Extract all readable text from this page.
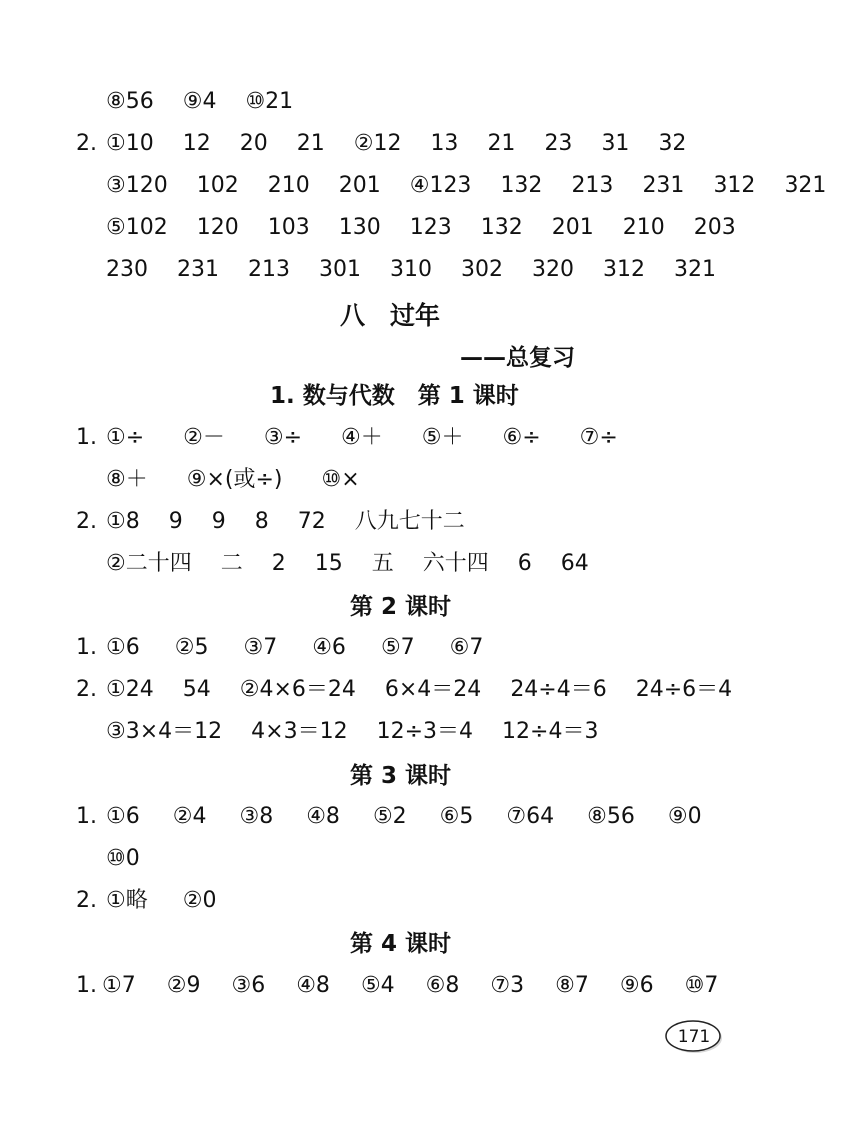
⑧56 ⑨4 ⑩21
2. ①10 12 20 21 ②12 13 21 23 31 32
③120 102 210 201 ④123 132 213 231 312 321
⑤102 120 103 130 123 132 201 210 203
230 231 213 301 310 302 320 312 321
八　过年
——总复习
1. 数与代数　第 1 课时
1. ①÷ ②－ ③÷ ④＋ ⑤＋ ⑥÷ ⑦÷
⑧＋ ⑨×(或÷) ⑩×
2. ①8 9 9 8 72 八九七十二
②二十四 二 2 15 五 六十四 6 64
第 2 课时
1. ①6 ②5 ③7 ④6 ⑤7 ⑥7
2. ①24 54 ②4×6＝24 6×4＝24 24÷4＝6 24÷6＝4
③3×4＝12 4×3＝12 12÷3＝4 12÷4＝3
第 3 课时
1. ①6 ②4 ③8 ④8 ⑤2 ⑥5 ⑦64 ⑧56 ⑨0
⑩0
2. ①略 ②0
第 4 课时
1. ①7 ②9 ③6 ④8 ⑤4 ⑥8 ⑦3 ⑧7 ⑨6 ⑩7
171
